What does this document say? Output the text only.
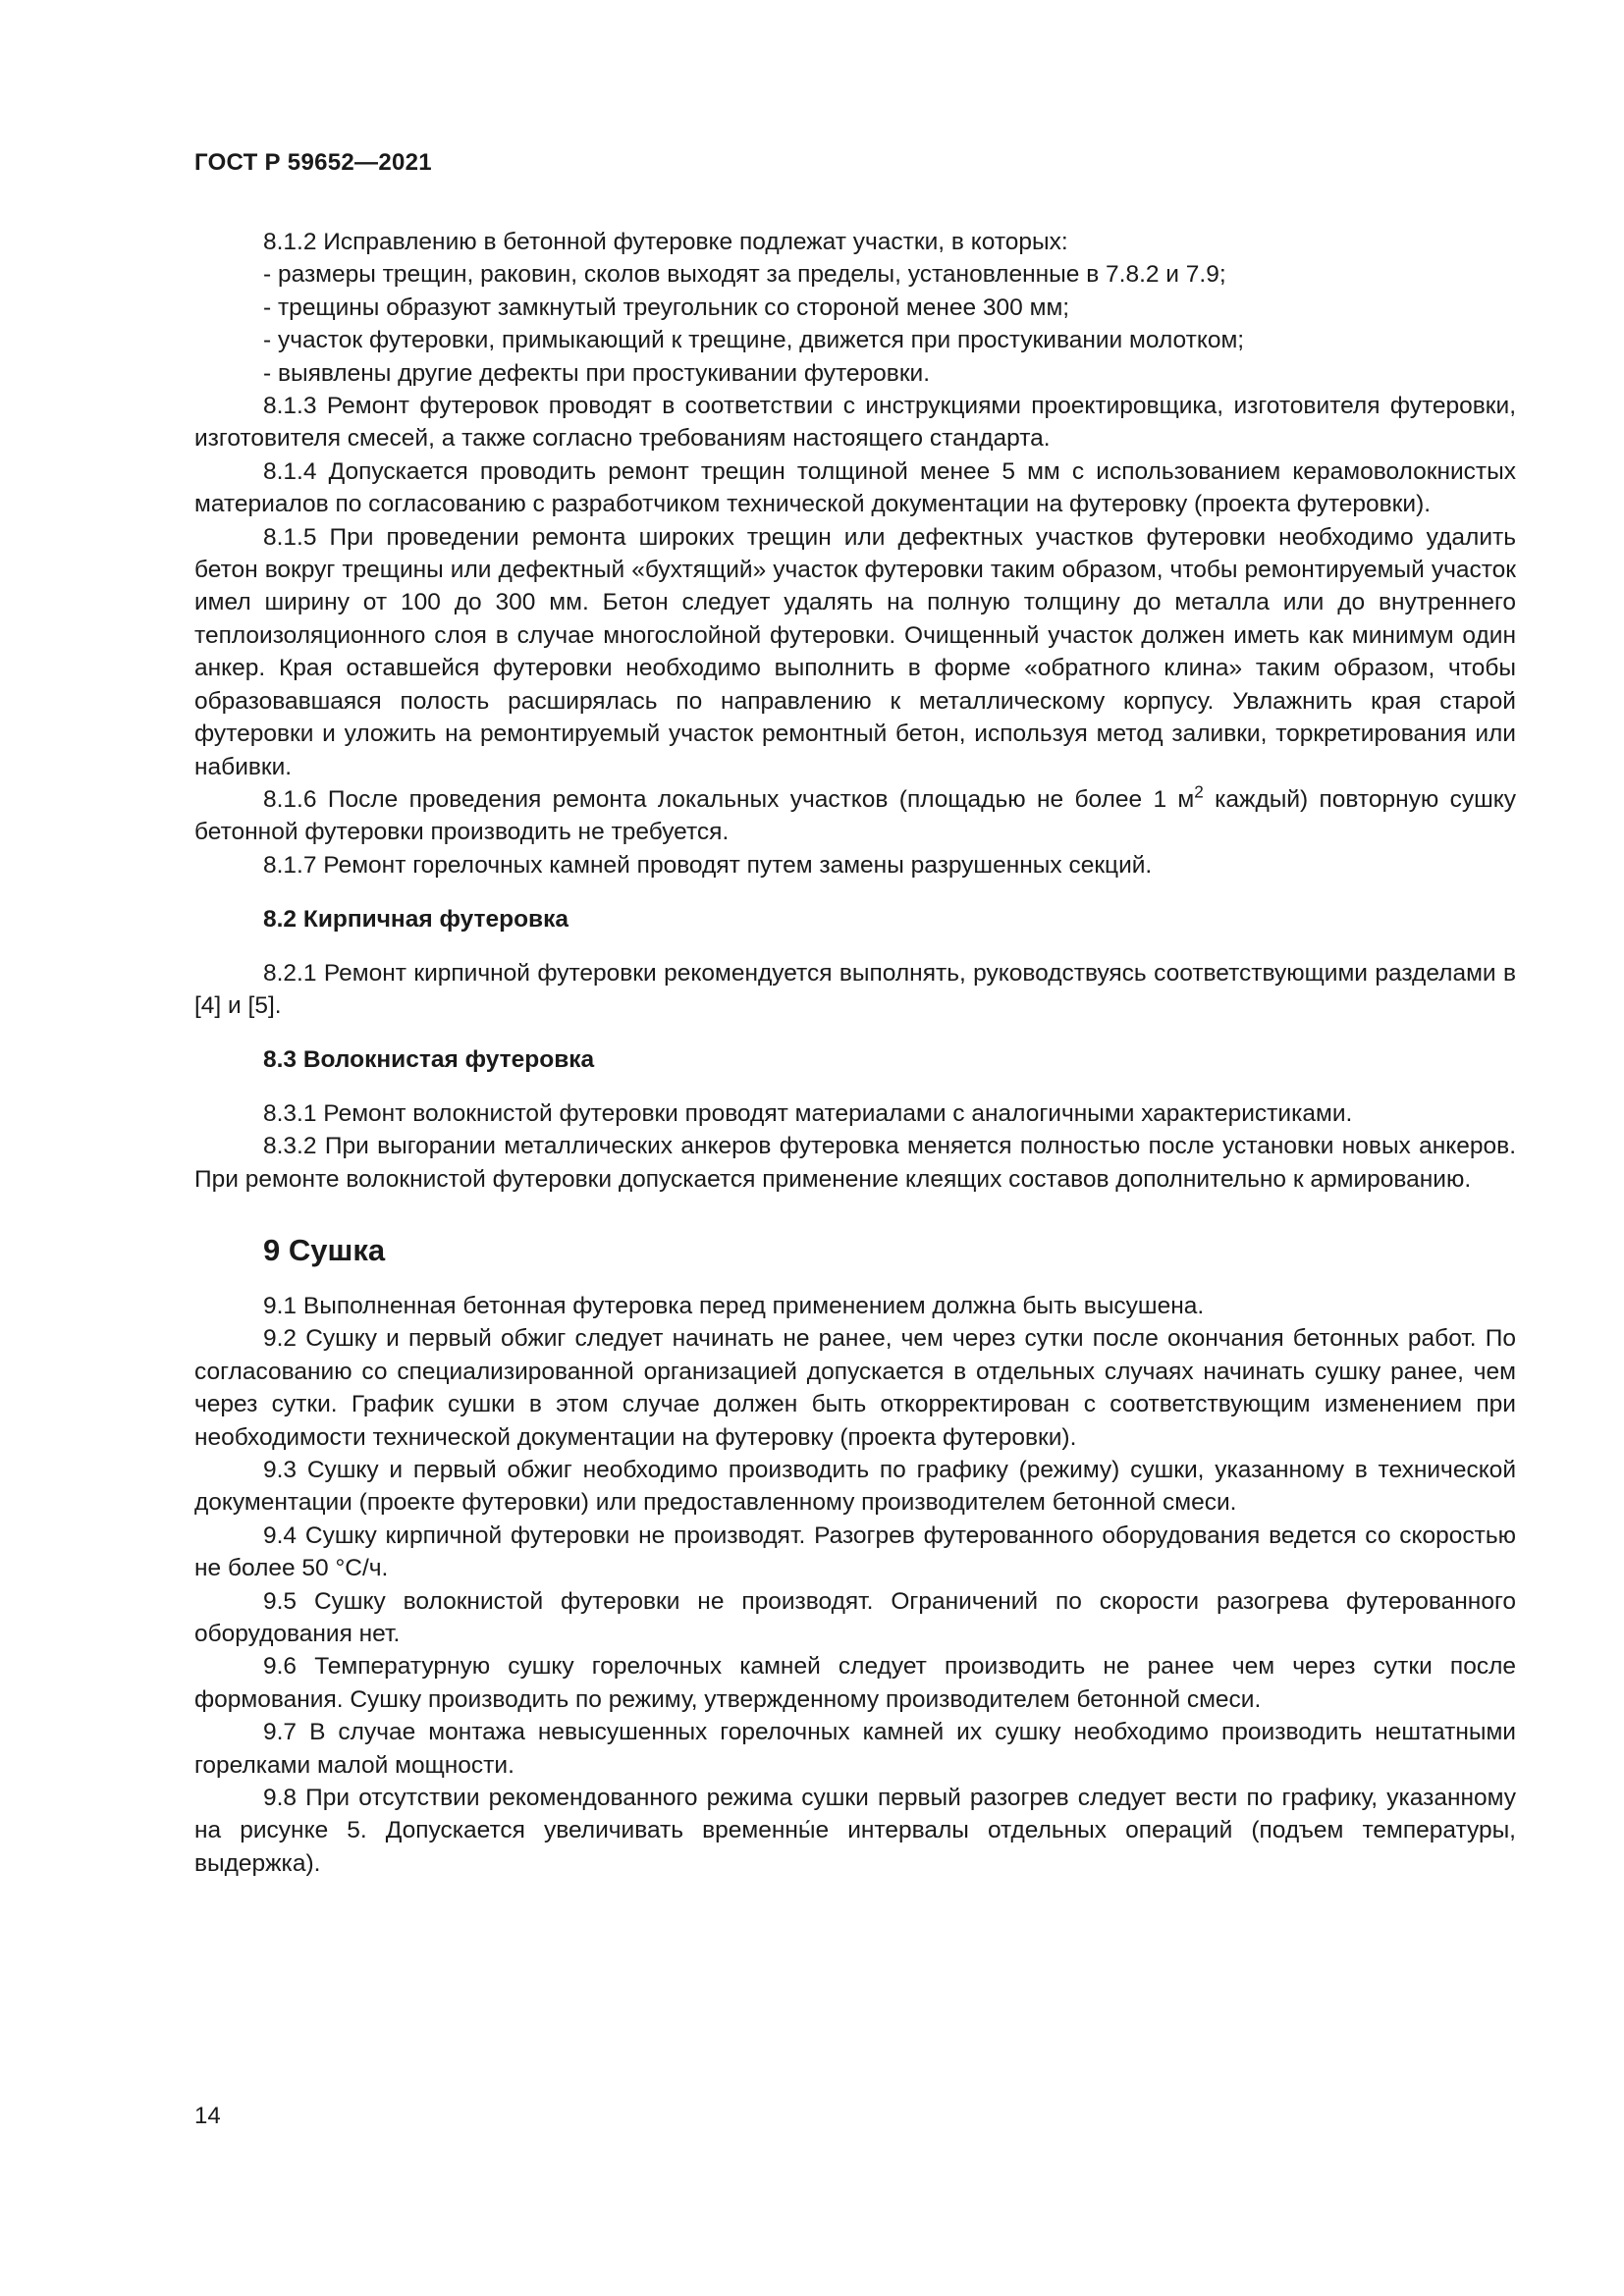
ГОСТ Р 59652—2021

8.1.2 Исправлению в бетонной футеровке подлежат участки, в которых:

- размеры трещин, раковин, сколов выходят за пределы, установленные в 7.8.2 и 7.9;

- трещины образуют замкнутый треугольник со стороной менее 300 мм;

- участок футеровки, примыкающий к трещине, движется при простукивании молотком;

- выявлены другие дефекты при простукивании футеровки.

8.1.3 Ремонт футеровок проводят в соответствии с инструкциями проектировщика, изготовителя футеровки, изготовителя смесей, а также согласно требованиям настоящего стандарта.

8.1.4 Допускается проводить ремонт трещин толщиной менее 5 мм с использованием керамоволокнистых материалов по согласованию с разработчиком технической документации на футеровку (проекта футеровки).

8.1.5 При проведении ремонта широких трещин или дефектных участков футеровки необходимо удалить бетон вокруг трещины или дефектный «бухтящий» участок футеровки таким образом, чтобы ремонтируемый участок имел ширину от 100 до 300 мм. Бетон следует удалять на полную толщину до металла или до внутреннего теплоизоляционного слоя в случае многослойной футеровки. Очищенный участок должен иметь как минимум один анкер. Края оставшейся футеровки необходимо выполнить в форме «обратного клина» таким образом, чтобы образовавшаяся полость расширялась по направлению к металлическому корпусу. Увлажнить края старой футеровки и уложить на ремонтируемый участок ремонтный бетон, используя метод заливки, торкретирования или набивки.

8.1.6 После проведения ремонта локальных участков (площадью не более 1 $м^2$ каждый) повторную сушку бетонной футеровки производить не требуется.

8.1.7 Ремонт горелочных камней проводят путем замены разрушенных секций.

8.2 Кирпичная футеровка

8.2.1 Ремонт кирпичной футеровки рекомендуется выполнять, руководствуясь соответствующими разделами в [4] и [5].

8.3 Волокнистая футеровка

8.3.1 Ремонт волокнистой футеровки проводят материалами с аналогичными характеристиками.

8.3.2 При выгорании металлических анкеров футеровка меняется полностью после установки новых анкеров. При ремонте волокнистой футеровки допускается применение клеящих составов дополнительно к армированию.

9 Сушка

9.1 Выполненная бетонная футеровка перед применением должна быть высушена.

9.2 Сушку и первый обжиг следует начинать не ранее, чем через сутки после окончания бетонных работ. По согласованию со специализированной организацией допускается в отдельных случаях начинать сушку ранее, чем через сутки. График сушки в этом случае должен быть откорректирован с соответствующим изменением при необходимости технической документации на футеровку (проекта футеровки).

9.3 Сушку и первый обжиг необходимо производить по графику (режиму) сушки, указанному в технической документации (проекте футеровки) или предоставленному производителем бетонной смеси.

9.4 Сушку кирпичной футеровки не производят. Разогрев футерованного оборудования ведется со скоростью не более 50 °С/ч.

9.5 Сушку волокнистой футеровки не производят. Ограничений по скорости разогрева футерованного оборудования нет.

9.6 Температурную сушку горелочных камней следует производить не ранее чем через сутки после формования. Сушку производить по режиму, утвержденному производителем бетонной смеси.

9.7 В случае монтажа невысушенных горелочных камней их сушку необходимо производить нештатными горелками малой мощности.

9.8 При отсутствии рекомендованного режима сушки первый разогрев следует вести по графику, указанному на рисунке 5. Допускается увеличивать временны́е интервалы отдельных операций (подъем температуры, выдержка).

14
